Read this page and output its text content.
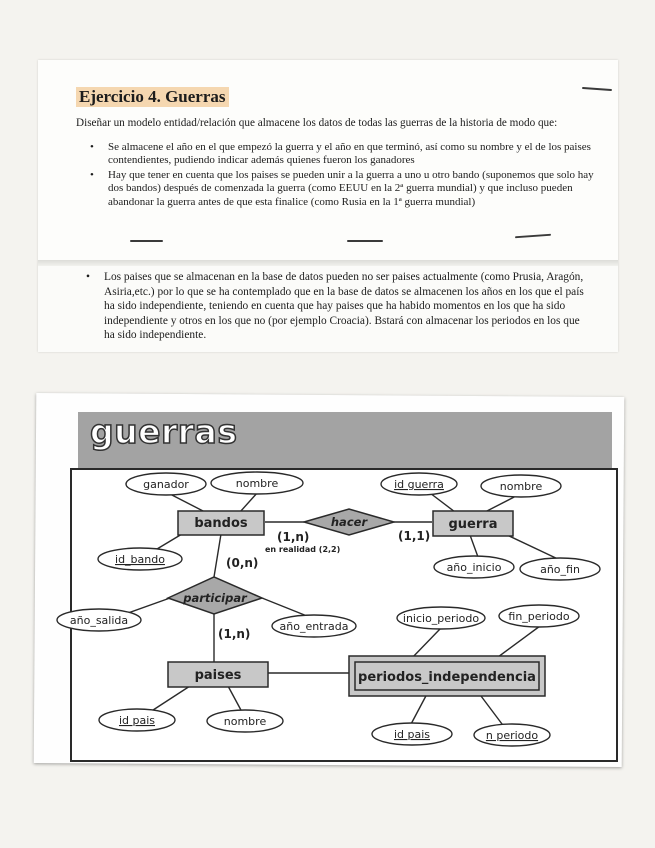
Ejercicio 4. Guerras
Diseñar un modelo entidad/relación que almacene los datos de todas las guerras de la historia de modo que:
• Se almacene el año en el que empezó la guerra y el año en que terminó, así como su nombre y el de los paises contendientes, pudiendo indicar además quienes fueron los ganadores
• Hay que tener en cuenta que los paises se pueden unir a la guerra a uno u otro bando (suponemos que solo hay dos bandos) después de comenzada la guerra (como EEUU en la 2ª guerra mundial) y que incluso pueden abandonar la guerra antes de que esta finalice (como Rusia en la 1ª guerra mundial)
• Los paises que se almacenan en la base de datos pueden no ser paises actualmente (como Prusia, Aragón, Asiria,etc.) por lo que se ha contemplado que en la base de datos se almacenen los años en los que el país ha sido independiente, teniendo en cuenta que hay paises que ha habido momentos en los que ha sido independiente y otros en los que no (por ejemplo Croacia). Bstará con almacenar los periodos en los que ha sido independiente.
guerras
bandos	guerra
paises	periodos_independencia
hacer
participar
ganador	nombre
id_bando
id guerra	nombre
año_inicio	año_fin
año_salida	año_entrada
inicio_periodo	fin_periodo
id pais	nombre
id pais	n periodo
(1,n)
en realidad (2,2)
(1,1)
(0,n)
(1,n)
